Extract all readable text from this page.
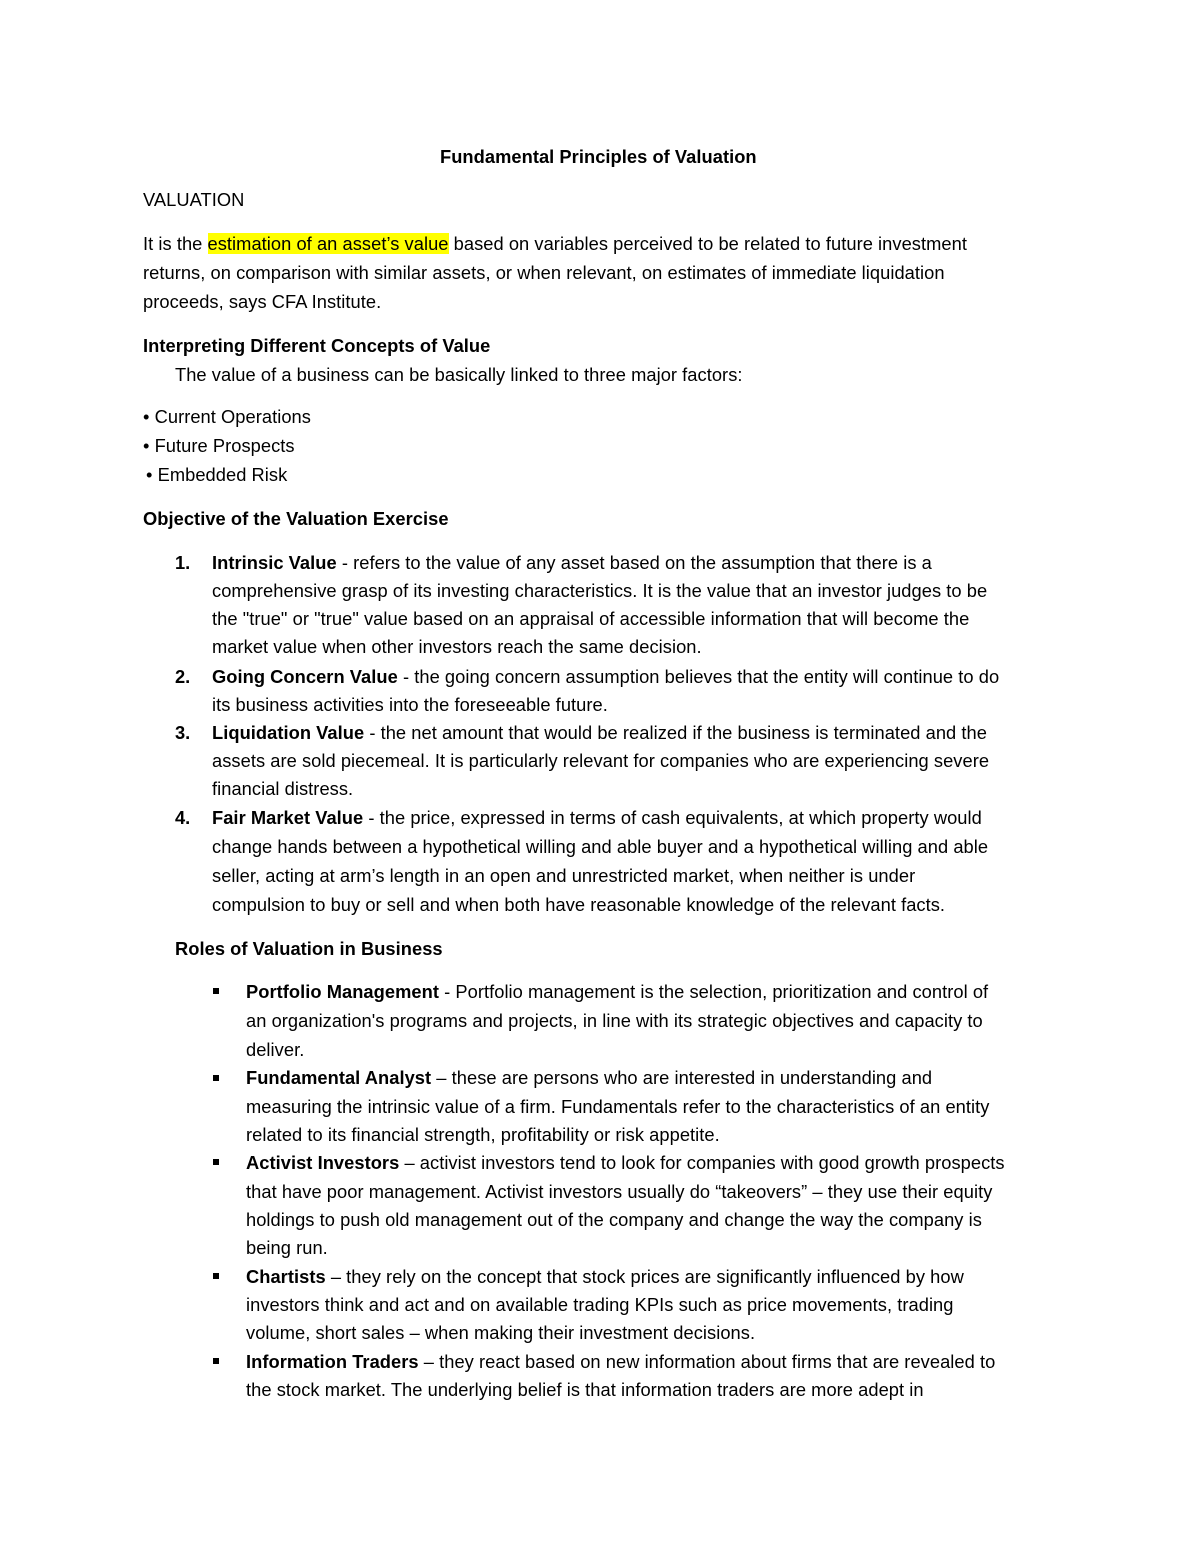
Fundamental Principles of Valuation
VALUATION
It is the estimation of an asset’s value based on variables perceived to be related to future investment
returns, on comparison with similar assets, or when relevant, on estimates of immediate liquidation
proceeds, says CFA Institute.
Interpreting Different Concepts of Value
The value of a business can be basically linked to three major factors:
• Current Operations
• Future Prospects
• Embedded Risk
Objective of the Valuation Exercise
1. Intrinsic Value - refers to the value of any asset based on the assumption that there is a
comprehensive grasp of its investing characteristics. It is the value that an investor judges to be
the "true" or "true" value based on an appraisal of accessible information that will become the
market value when other investors reach the same decision.
2. Going Concern Value - the going concern assumption believes that the entity will continue to do
its business activities into the foreseeable future.
3. Liquidation Value - the net amount that would be realized if the business is terminated and the
assets are sold piecemeal. It is particularly relevant for companies who are experiencing severe
financial distress.
4. Fair Market Value - the price, expressed in terms of cash equivalents, at which property would
change hands between a hypothetical willing and able buyer and a hypothetical willing and able
seller, acting at arm’s length in an open and unrestricted market, when neither is under
compulsion to buy or sell and when both have reasonable knowledge of the relevant facts.
Roles of Valuation in Business
Portfolio Management - Portfolio management is the selection, prioritization and control of
an organization's programs and projects, in line with its strategic objectives and capacity to
deliver.
Fundamental Analyst – these are persons who are interested in understanding and
measuring the intrinsic value of a firm. Fundamentals refer to the characteristics of an entity
related to its financial strength, profitability or risk appetite.
Activist Investors – activist investors tend to look for companies with good growth prospects
that have poor management. Activist investors usually do “takeovers” – they use their equity
holdings to push old management out of the company and change the way the company is
being run.
Chartists – they rely on the concept that stock prices are significantly influenced by how
investors think and act and on available trading KPIs such as price movements, trading
volume, short sales – when making their investment decisions.
Information Traders – they react based on new information about firms that are revealed to
the stock market. The underlying belief is that information traders are more adept in
